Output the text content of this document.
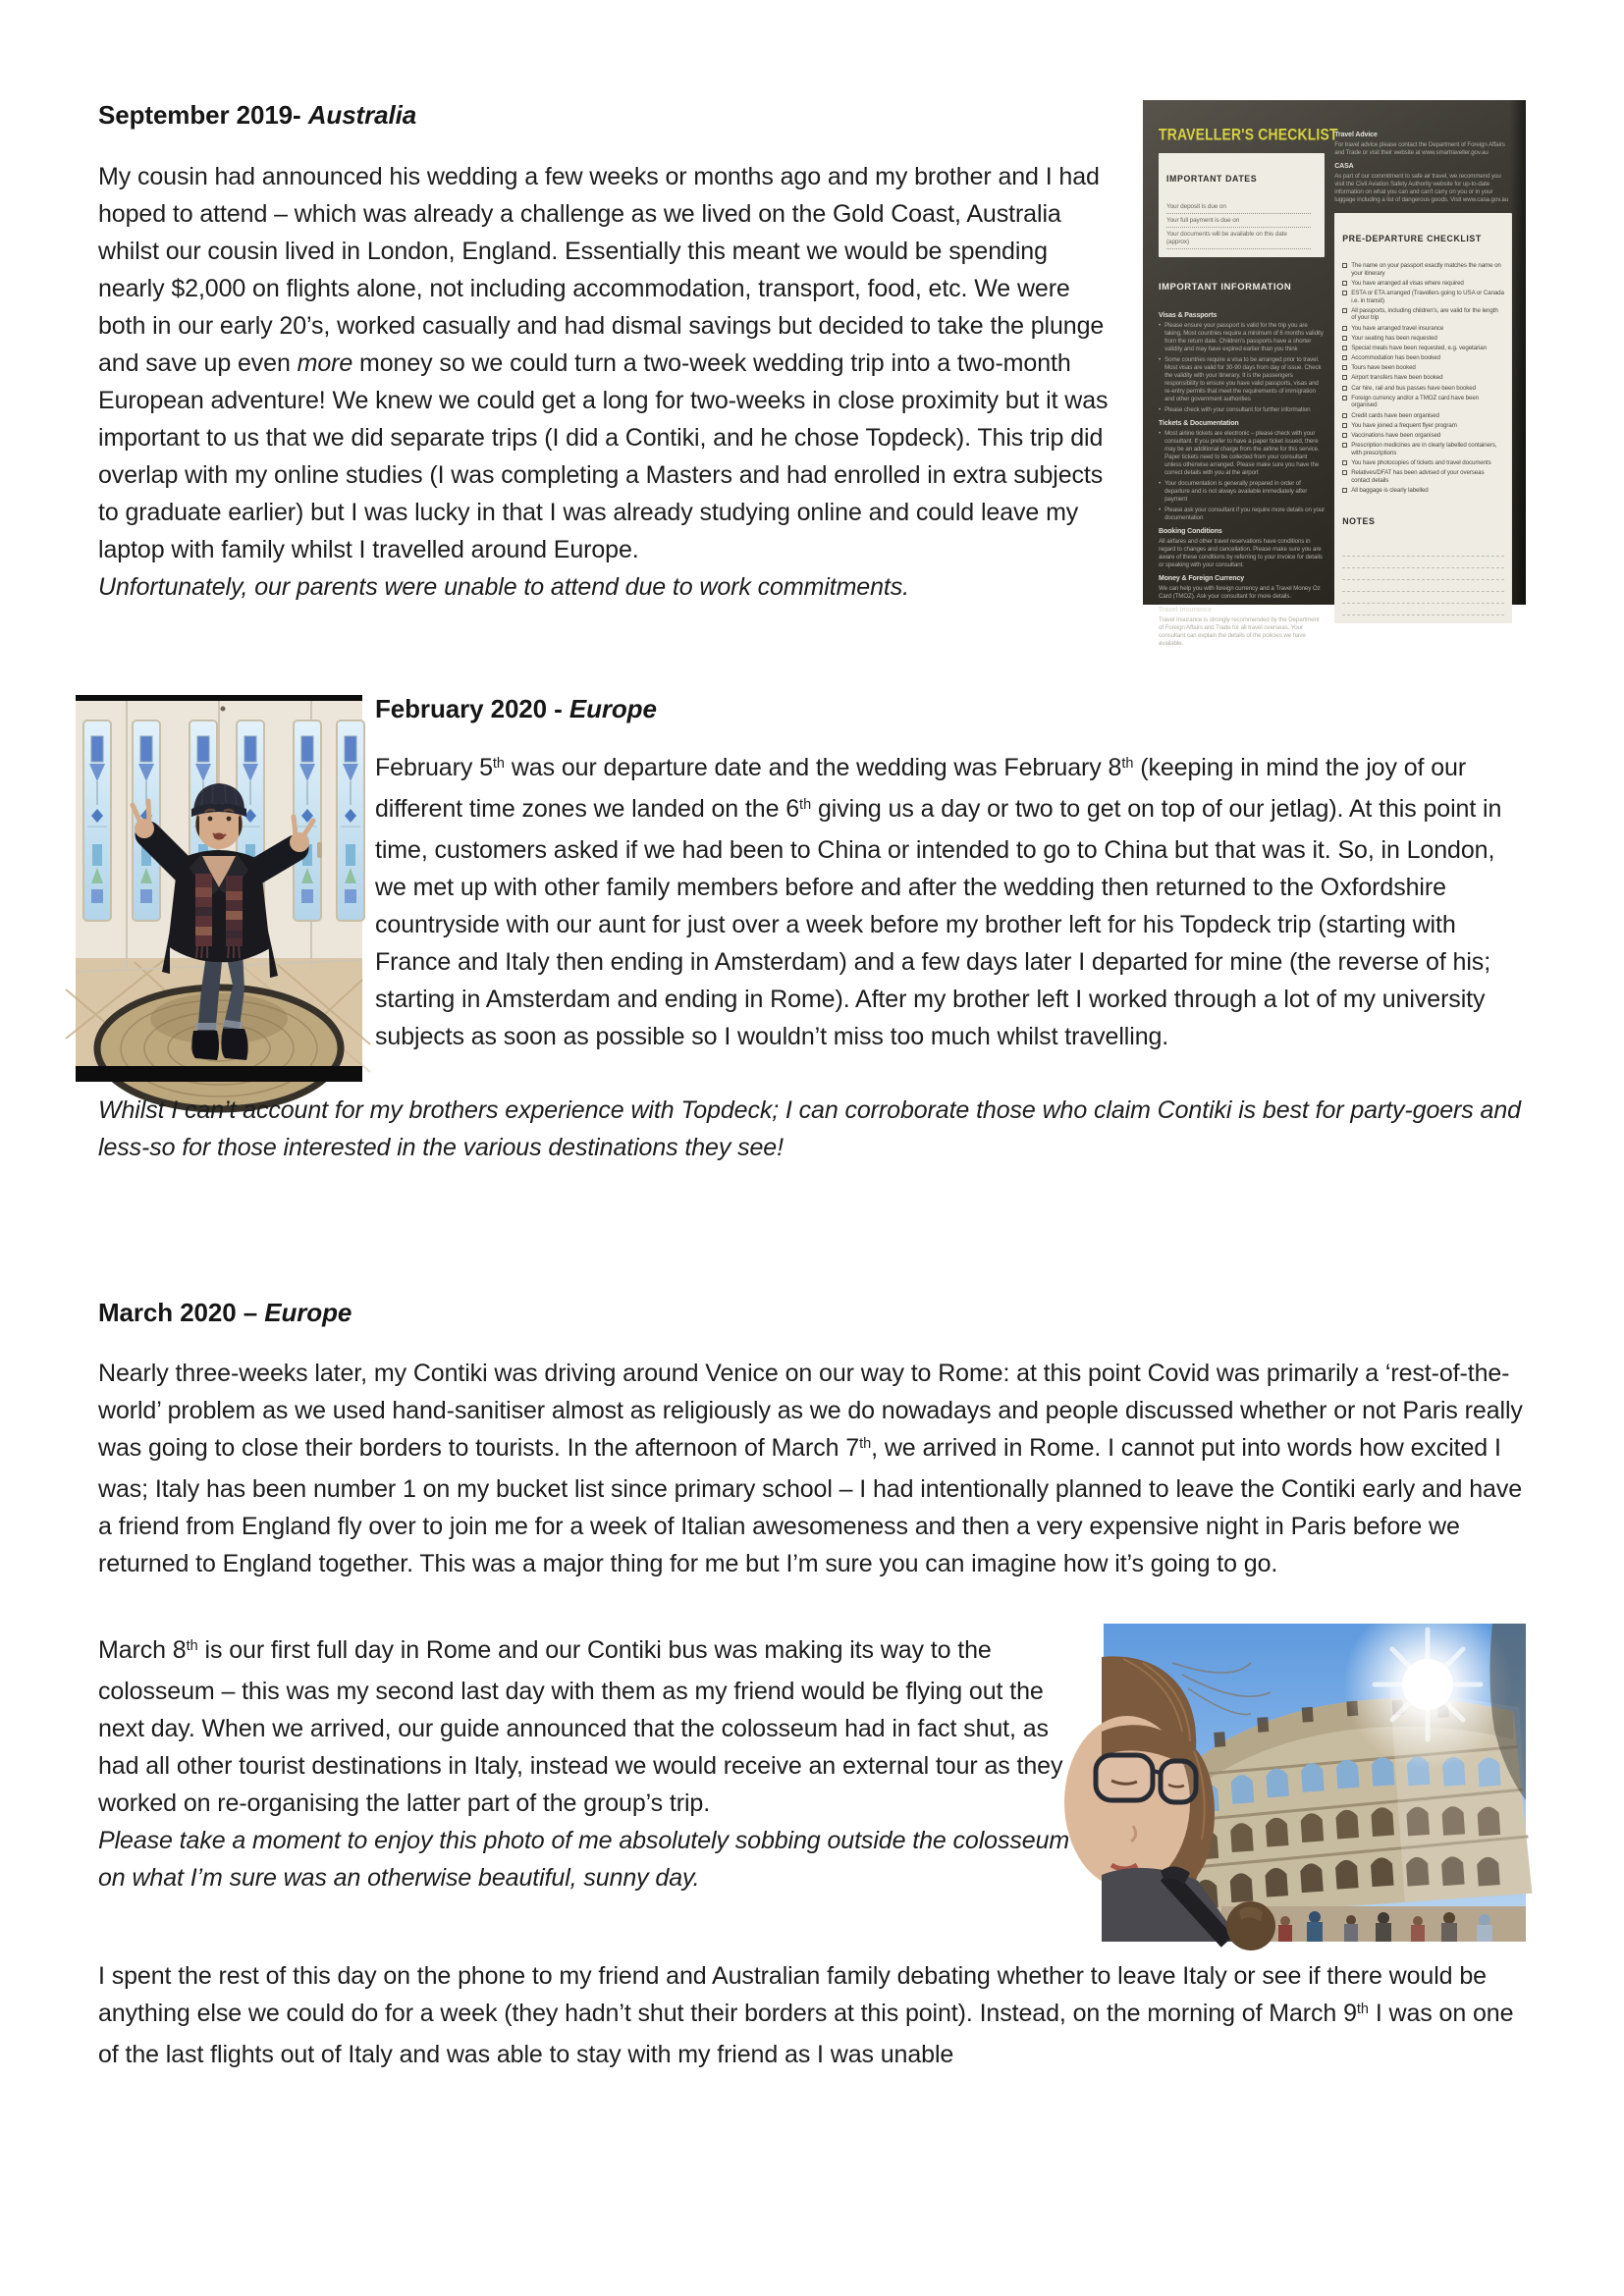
TRAVELLER'S CHECKLIST
IMPORTANT DATES
Your deposit is due on
Your full payment is due on
Your documents will be available on this date (approx)
IMPORTANT INFORMATION
Visas & Passports
• Please ensure your passport is valid for the trip you are taking. Most countries require a minimum of 6 months validity from the return date. Children's passports have a shorter validity and may have expired earlier than you think
• Some countries require a visa to be arranged prior to travel. Most visas are valid for 30-90 days from day of issue. Check the validity with your itinerary. It is the passengers responsibility to ensure you have valid passports, visas and re-entry permits that meet the requirements of immigration and other government authorities
• Please check with your consultant for further information
Tickets & Documentation
• Most airline tickets are electronic – please check with your consultant. If you prefer to have a paper ticket issued, there may be an additional charge from the airline for this service. Paper tickets need to be collected from your consultant unless otherwise arranged. Please make sure you have the correct details with you at the airport
• Your documentation is generally prepared in order of departure and is not always available immediately after payment
• Please ask your consultant if you require more details on your documentation
Booking Conditions
All airfares and other travel reservations have conditions in regard to changes and cancellation. Please make sure you are aware of these conditions by referring to your invoice for details or speaking with your consultant.
Money & Foreign Currency
We can help you with foreign currency and a Travel Money Oz Card (TMOZ). Ask your consultant for more details.
Travel Insurance
Travel Insurance is strongly recommended by the Department of Foreign Affairs and Trade for all travel overseas. Your consultant can explain the details of the policies we have available.
Travel Advice
For travel advice please contact the Department of Foreign Affairs and Trade or visit their website at www.smartraveller.gov.au
CASA
As part of our commitment to safe air travel, we recommend you visit the Civil Aviation Safety Authority website for up-to-date information on what you can and can't carry on you or in your luggage including a list of dangerous goods. Visit www.casa.gov.au
PRE-DEPARTURE CHECKLIST
The name on your passport exactly matches the name on your itinerary
You have arranged all visas where required
ESTA or ETA arranged (Travellers going to USA or Canada i.e. in transit)
All passports, including children's, are valid for the length of your trip
You have arranged travel insurance
Your seating has been requested
Special meals have been requested, e.g. vegetarian
Accommodation has been booked
Tours have been booked
Airport transfers have been booked
Car hire, rail and bus passes have been booked
Foreign currency and/or a TMOZ card have been organised
Credit cards have been organised
You have joined a frequent flyer program
Vaccinations have been organised
Prescription medicines are in clearly labelled containers, with prescriptions
You have photocopies of tickets and travel documents
Relatives/DFAT has been advised of your overseas contact details
All baggage is clearly labelled
NOTES
September 2019- Australia

My cousin had announced his wedding a few weeks or months ago and my brother and I had hoped to attend – which was already a challenge as we lived on the Gold Coast, Australia whilst our cousin lived in London, England. Essentially this meant we would be spending nearly $2,000 on flights alone, not including accommodation, transport, food, etc. We were both in our early 20’s, worked casually and had dismal savings but decided to take the plunge and save up even more money so we could turn a two-week wedding trip into a two-month European adventure! We knew we could get a long for two-weeks in close proximity but it was important to us that we did separate trips (I did a Contiki, and he chose Topdeck). This trip did overlap with my online studies (I was completing a Masters and had enrolled in extra subjects to graduate earlier) but I was lucky in that I was already studying online and could leave my laptop with family whilst I travelled around Europe.

Unfortunately, our parents were unable to attend due to work commitments.

February 2020 - Europe

February 5th was our departure date and the wedding was February 8th (keeping in mind the joy of our different time zones we landed on the 6th giving us a day or two to get on top of our jetlag). At this point in time, customers asked if we had been to China or intended to go to China but that was it. So, in London, we met up with other family members before and after the wedding then returned to the Oxfordshire countryside with our aunt for just over a week before my brother left for his Topdeck trip (starting with France and Italy then ending in Amsterdam) and a few days later I departed for mine (the reverse of his; starting in Amsterdam and ending in Rome). After my brother left I worked through a lot of my university subjects as soon as possible so I wouldn’t miss too much whilst travelling.

Whilst I can’t account for my brothers experience with Topdeck; I can corroborate those who claim Contiki is best for party-goers and less-so for those interested in the various destinations they see!

March 2020 – Europe

Nearly three-weeks later, my Contiki was driving around Venice on our way to Rome: at this point Covid was primarily a ‘rest-of-the-world’ problem as we used hand-sanitiser almost as religiously as we do nowadays and people discussed whether or not Paris really was going to close their borders to tourists. In the afternoon of March 7th, we arrived in Rome. I cannot put into words how excited I was; Italy has been number 1 on my bucket list since primary school – I had intentionally planned to leave the Contiki early and have a friend from England fly over to join me for a week of Italian awesomeness and then a very expensive night in Paris before we returned to England together. This was a major thing for me but I’m sure you can imagine how it’s going to go.

March 8th is our first full day in Rome and our Contiki bus was making its way to the colosseum – this was my second last day with them as my friend would be flying out the next day. When we arrived, our guide announced that the colosseum had in fact shut, as had all other tourist destinations in Italy, instead we would receive an external tour as they worked on re-organising the latter part of the group’s trip.

Please take a moment to enjoy this photo of me absolutely sobbing outside the colosseum on what I’m sure was an otherwise beautiful, sunny day.

I spent the rest of this day on the phone to my friend and Australian family debating whether to leave Italy or see if there would be anything else we could do for a week (they hadn’t shut their borders at this point). Instead, on the morning of March 9th I was on one of the last flights out of Italy and was able to stay with my friend as I was unable
